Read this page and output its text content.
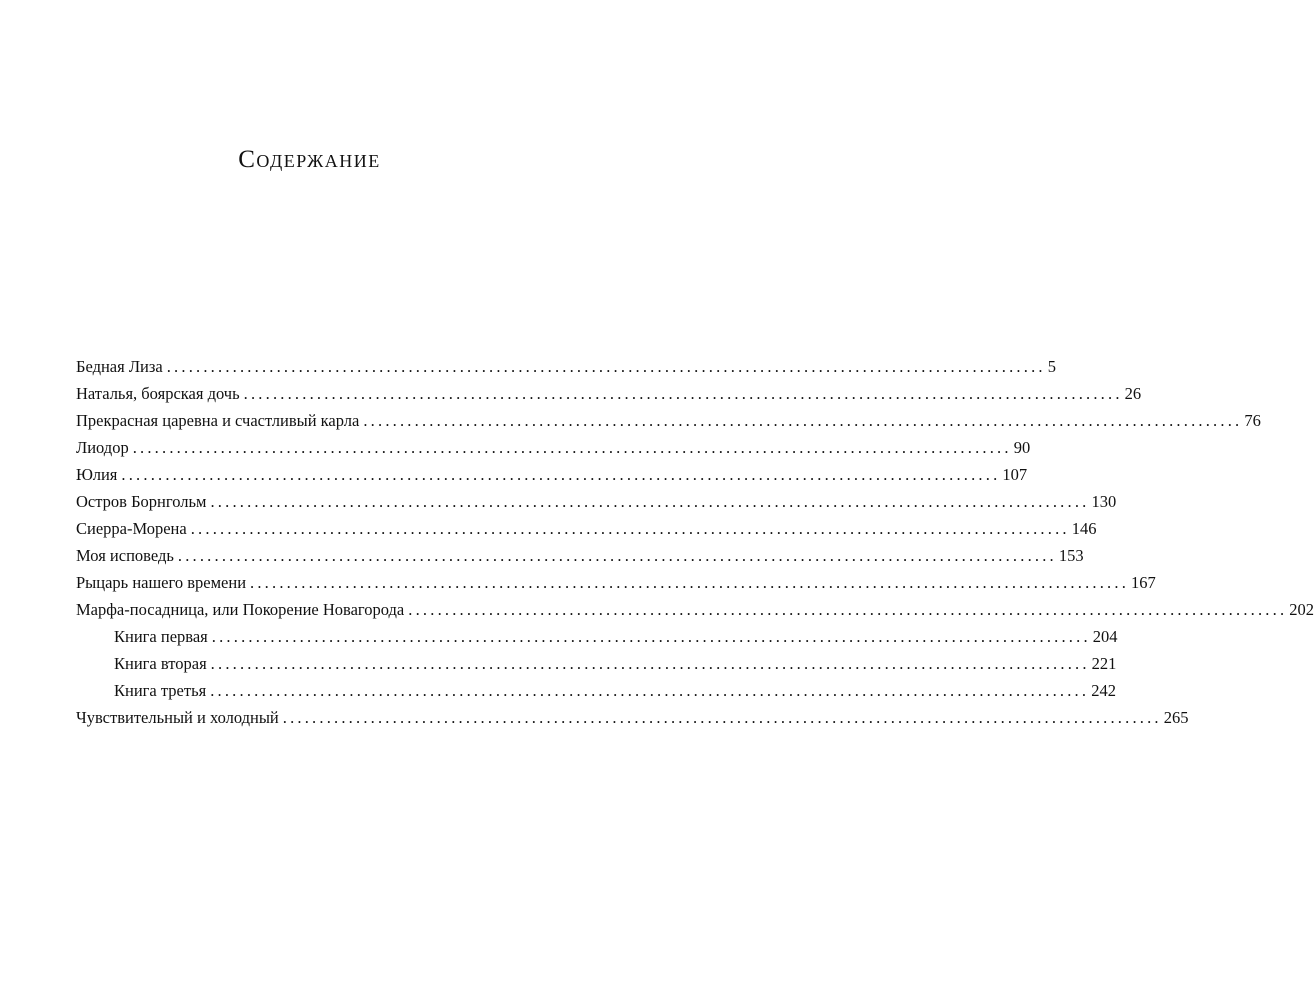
Содержание
Бедная Лиза ........................................................................................................................ 5
Наталья, боярская дочь ........................................................................................................................ 26
Прекрасная царевна и счастливый карла ........................................................................................................................ 76
Лиодор ........................................................................................................................ 90
Юлия ........................................................................................................................ 107
Остров Борнгольм ........................................................................................................................ 130
Сиерра-Морена ........................................................................................................................ 146
Моя исповедь ........................................................................................................................ 153
Рыцарь нашего времени ........................................................................................................................ 167
Марфа-посадница, или Покорение Новагорода ........................................................................................................................ 202
Книга первая ........................................................................................................................ 204
Книга вторая ........................................................................................................................ 221
Книга третья ........................................................................................................................ 242
Чувствительный и холодный ........................................................................................................................ 265
